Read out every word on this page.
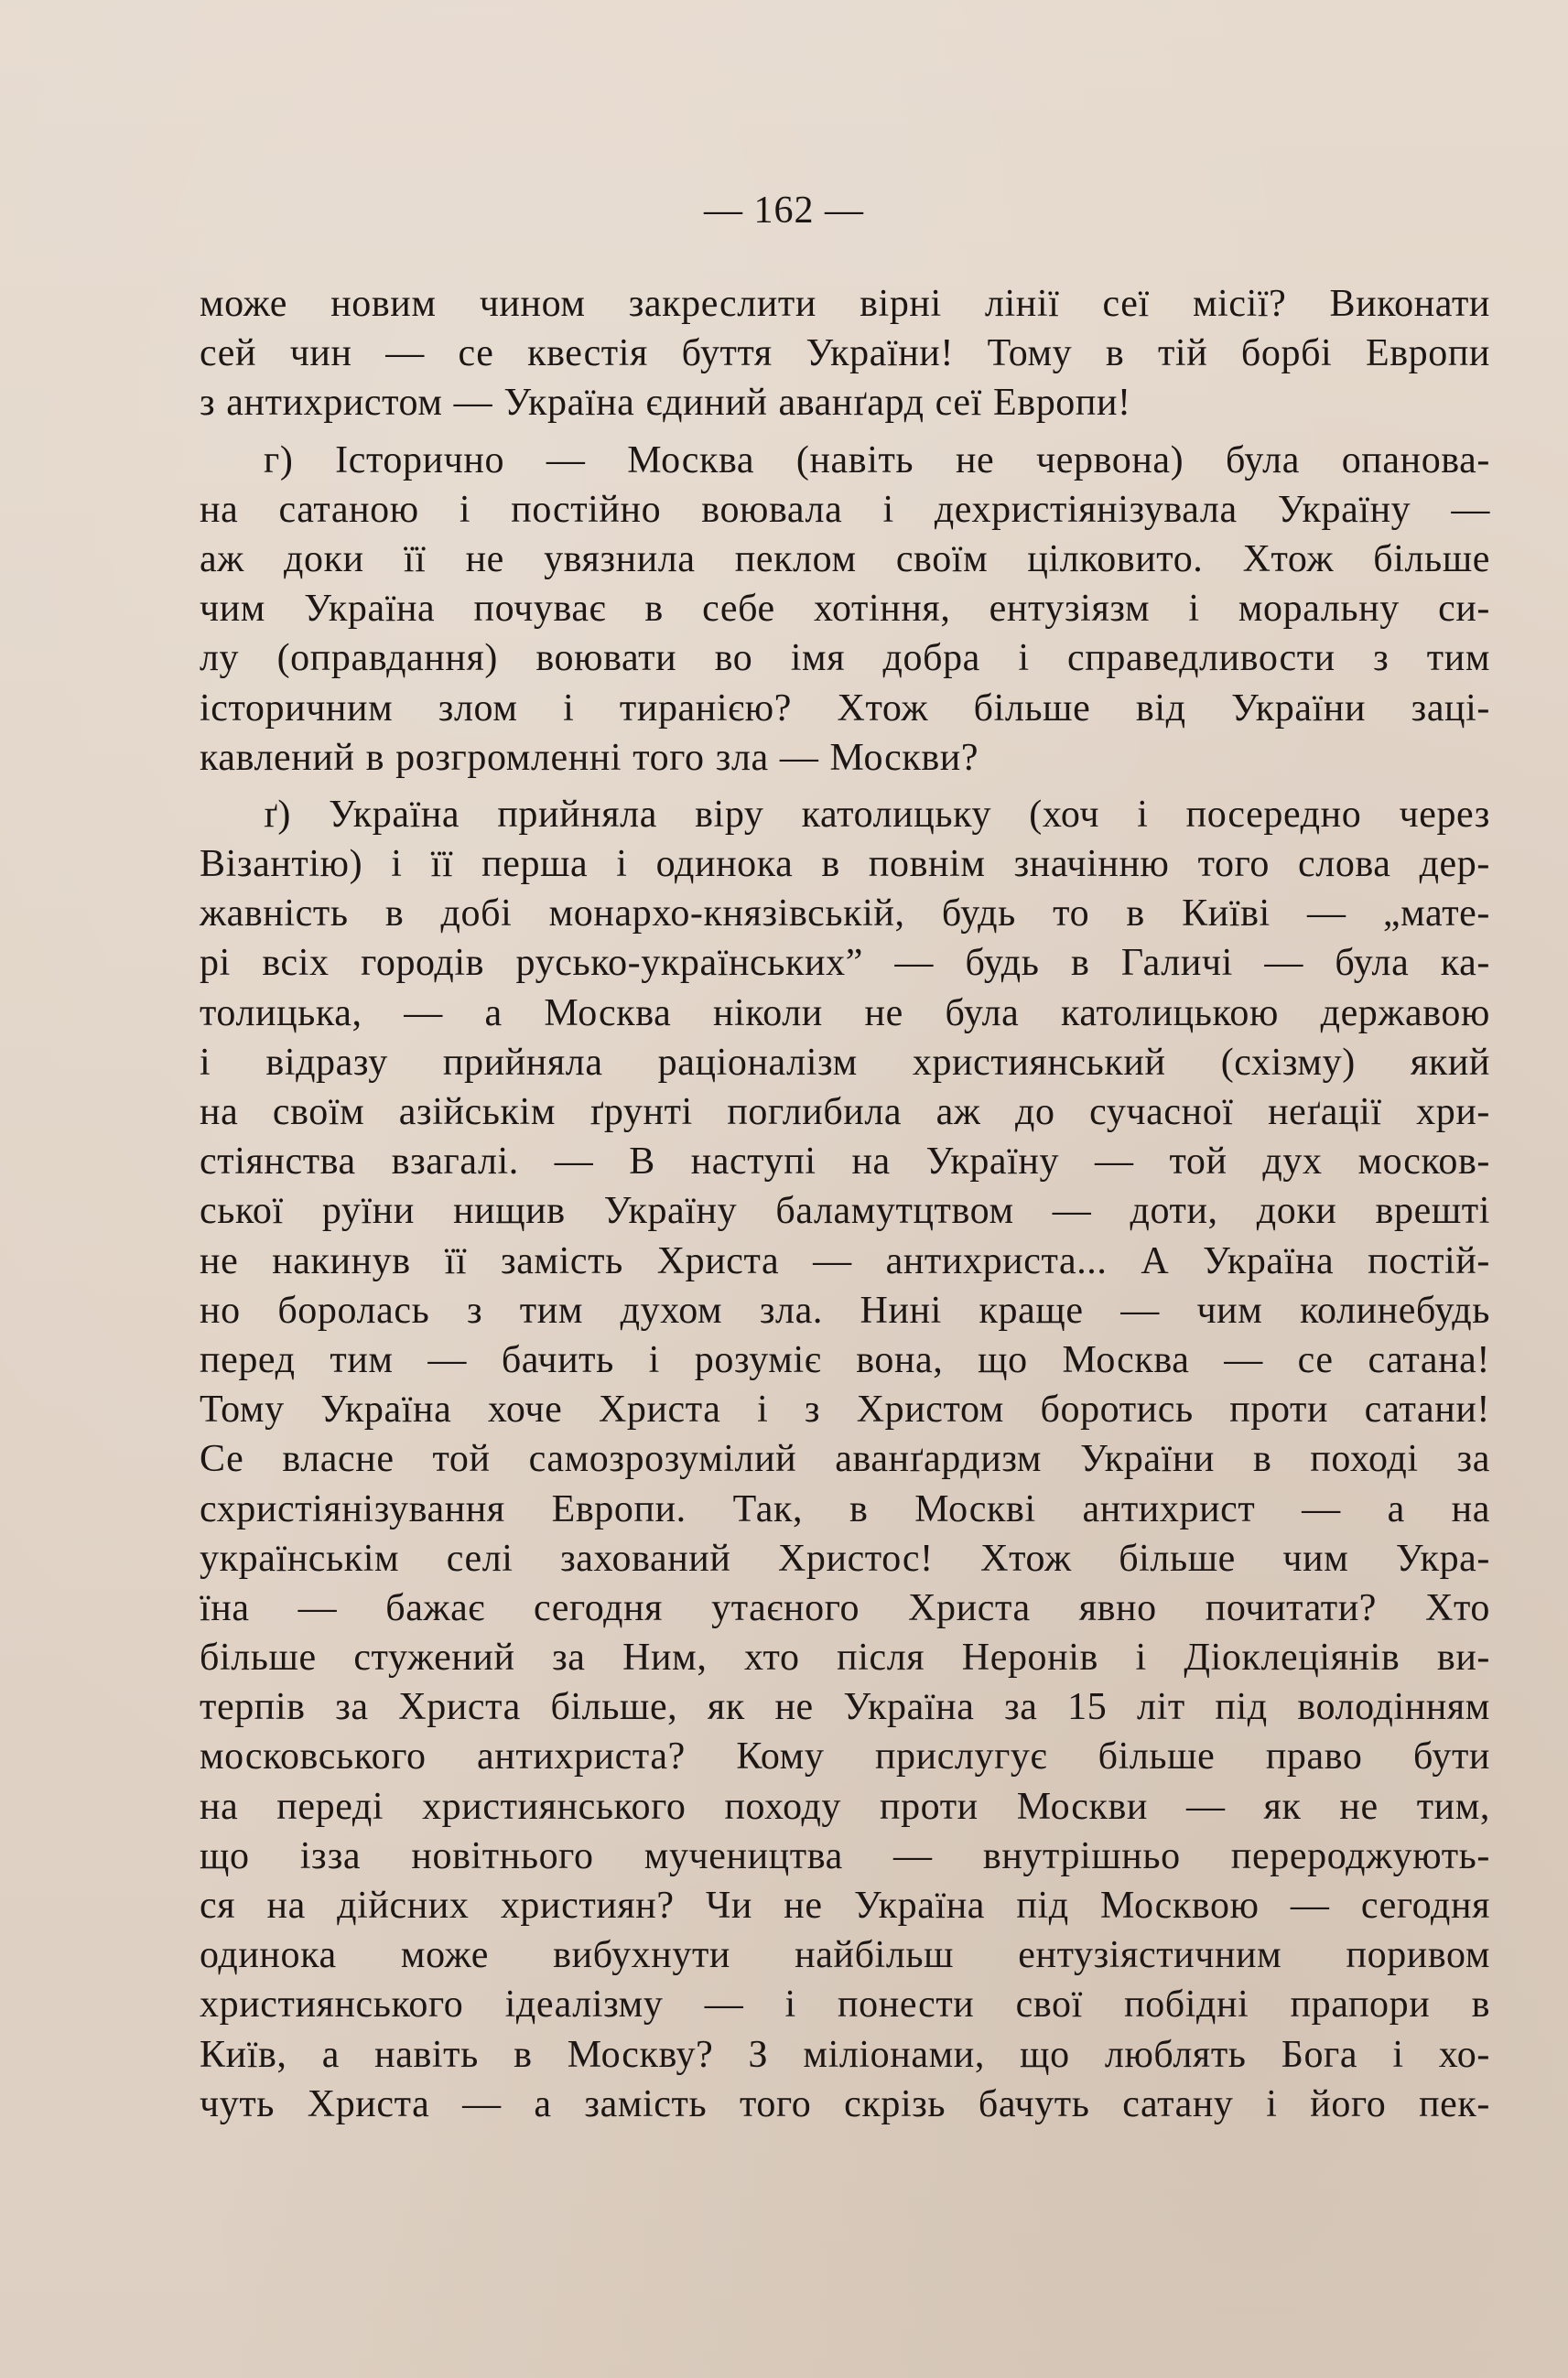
— 162 —
може новим чином закреслити вірні лінії сеї місії? Виконати
сей чин — се квестія буття України! Тому в тій борбі Европи
з антихристом — Україна єдиний аванґард сеї Европи!
г) Історично — Москва (навіть не червона) була опанова-
на сатаною і постійно воювала і дехристіянізувала Україну —
аж доки її не увязнила пеклом своїм цілковито. Хтож більше
чим Україна почуває в себе хотіння, ентузіязм і моральну си-
лу (оправдання) воювати во імя добра і справедливости з тим
історичним злом і тиранією? Хтож більше від України заці-
кавлений в розгромленні того зла — Москви?
ґ) Україна прийняла віру католицьку (хоч і посередно через
Візантію) і її перша і одинока в повнім значінню того слова дер-
жавність в добі монархо-князівській, будь то в Київі — „мате-
рі всіх городів русько-українських” — будь в Галичі — була ка-
толицька, — а Москва ніколи не була католицькою державою
і відразу прийняла раціоналізм християнський (схізму) який
на своїм азійськім ґрунті поглибила аж до сучасної неґації хри-
стіянства взагалі. — В наступі на Україну — той дух москов-
ської руїни нищив Україну баламутцтвом — доти, доки врешті
не накинув її замість Христа — антихриста... А Україна постій-
но боролась з тим духом зла. Нині краще — чим колинебудь
перед тим — бачить і розуміє вона, що Москва — се сатана!
Тому Україна хоче Христа і з Христом боротись проти сатани!
Се власне той самозрозумілий аванґардизм України в поході за
схристіянізування Европи. Так, в Москві антихрист — а на
українськім селі захований Христос! Хтож більше чим Укра-
їна — бажає сегодня утаєного Христа явно почитати? Хто
більше стужений за Ним, хто після Неронів і Діоклеціянів ви-
терпів за Христа більше, як не Україна за 15 літ під володінням
московського антихриста? Кому прислугує більше право бути
на переді християнського походу проти Москви — як не тим,
що ізза новітнього мучеництва — внутрішньо перероджують-
ся на дійсних християн? Чи не Україна під Москвою — сегодня
одинока може вибухнути найбільш ентузіястичним поривом
християнського ідеалізму — і понести свої побідні прапори в
Київ, а навіть в Москву? З міліонами, що люблять Бога і хо-
чуть Христа — а замість того скрізь бачуть сатану і його пек-
